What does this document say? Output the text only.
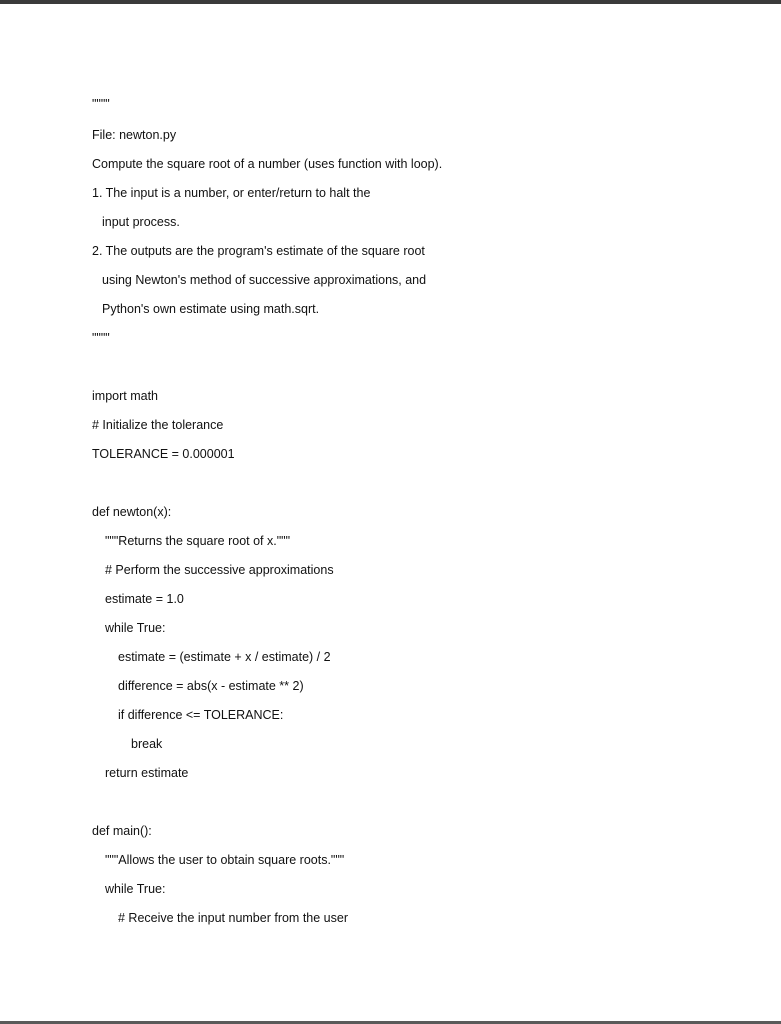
""""
File: newton.py
Compute the square root of a number (uses function with loop).
1. The input is a number, or enter/return to halt the
input process.
2. The outputs are the program's estimate of the square root
using Newton's method of successive approximations, and
Python's own estimate using math.sqrt.
""""
import math
# Initialize the tolerance
TOLERANCE = 0.000001
def newton(x):
"""Returns the square root of x."""
# Perform the successive approximations
estimate = 1.0
while True:
estimate = (estimate + x / estimate) / 2
difference = abs(x - estimate ** 2)
if difference <= TOLERANCE:
break
return estimate
def main():
"""Allows the user to obtain square roots."""
while True:
# Receive the input number from the user
